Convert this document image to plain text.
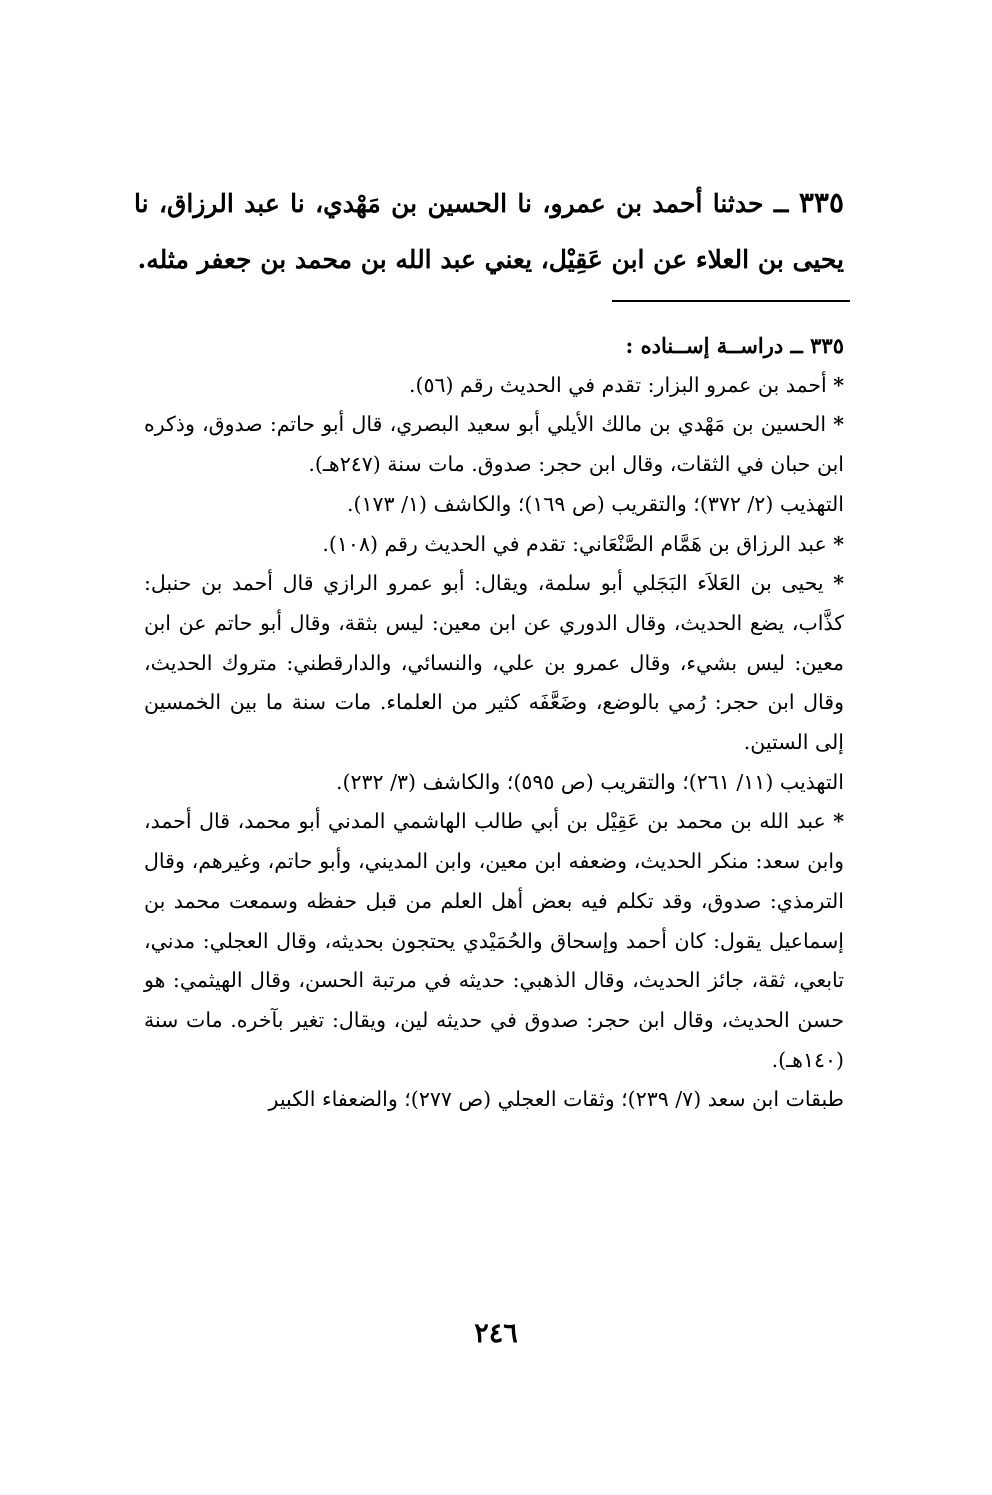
٣٣٥ ــ حدثنا أحمد بن عمرو، نا الحسين بن مَهْدي، نا عبد الرزاق، نا يحيى بن العلاء عن ابن عَقِيْل، يعني عبد الله بن محمد بن جعفر مثله.

٣٣٥ ــ دراســة إســناده :

* أحمد بن عمرو البزار: تقدم في الحديث رقم (٥٦).

* الحسين بن مَهْدي بن مالك الأيلي أبو سعيد البصري، قال أبو حاتم: صدوق، وذكره ابن حبان في الثقات، وقال ابن حجر: صدوق. مات سنة (٢٤٧هـ).

التهذيب (٢/ ٣٧٢)؛ والتقريب (ص ١٦٩)؛ والكاشف (١/ ١٧٣).

* عبد الرزاق بن هَمَّام الصَّنْعَاني: تقدم في الحديث رقم (١٠٨).

* يحيى بن العَلاَء البَجَلي أبو سلمة، ويقال: أبو عمرو الرازي قال أحمد بن حنبل: كذَّاب، يضع الحديث، وقال الدوري عن ابن معين: ليس بثقة، وقال أبو حاتم عن ابن معين: ليس بشيء، وقال عمرو بن علي، والنسائي، والدارقطني: متروك الحديث، وقال ابن حجر: رُمي بالوضع، وضَعَّفَه كثير من العلماء. مات سنة ما بين الخمسين إلى الستين.

التهذيب (١١/ ٢٦١)؛ والتقريب (ص ٥٩٥)؛ والكاشف (٣/ ٢٣٢).

* عبد الله بن محمد بن عَقِيْل بن أبي طالب الهاشمي المدني أبو محمد، قال أحمد، وابن سعد: منكر الحديث، وضعفه ابن معين، وابن المديني، وأبو حاتم، وغيرهم، وقال الترمذي: صدوق، وقد تكلم فيه بعض أهل العلم من قبل حفظه وسمعت محمد بن إسماعيل يقول: كان أحمد وإسحاق والحُمَيْدي يحتجون بحديثه، وقال العجلي: مدني، تابعي، ثقة، جائز الحديث، وقال الذهبي: حديثه في مرتبة الحسن، وقال الهيثمي: هو حسن الحديث، وقال ابن حجر: صدوق في حديثه لين، ويقال: تغير بآخره. مات سنة (١٤٠هـ).

طبقات ابن سعد (٧/ ٢٣٩)؛ وثقات العجلي (ص ٢٧٧)؛ والضعفاء الكبير

٢٤٦
